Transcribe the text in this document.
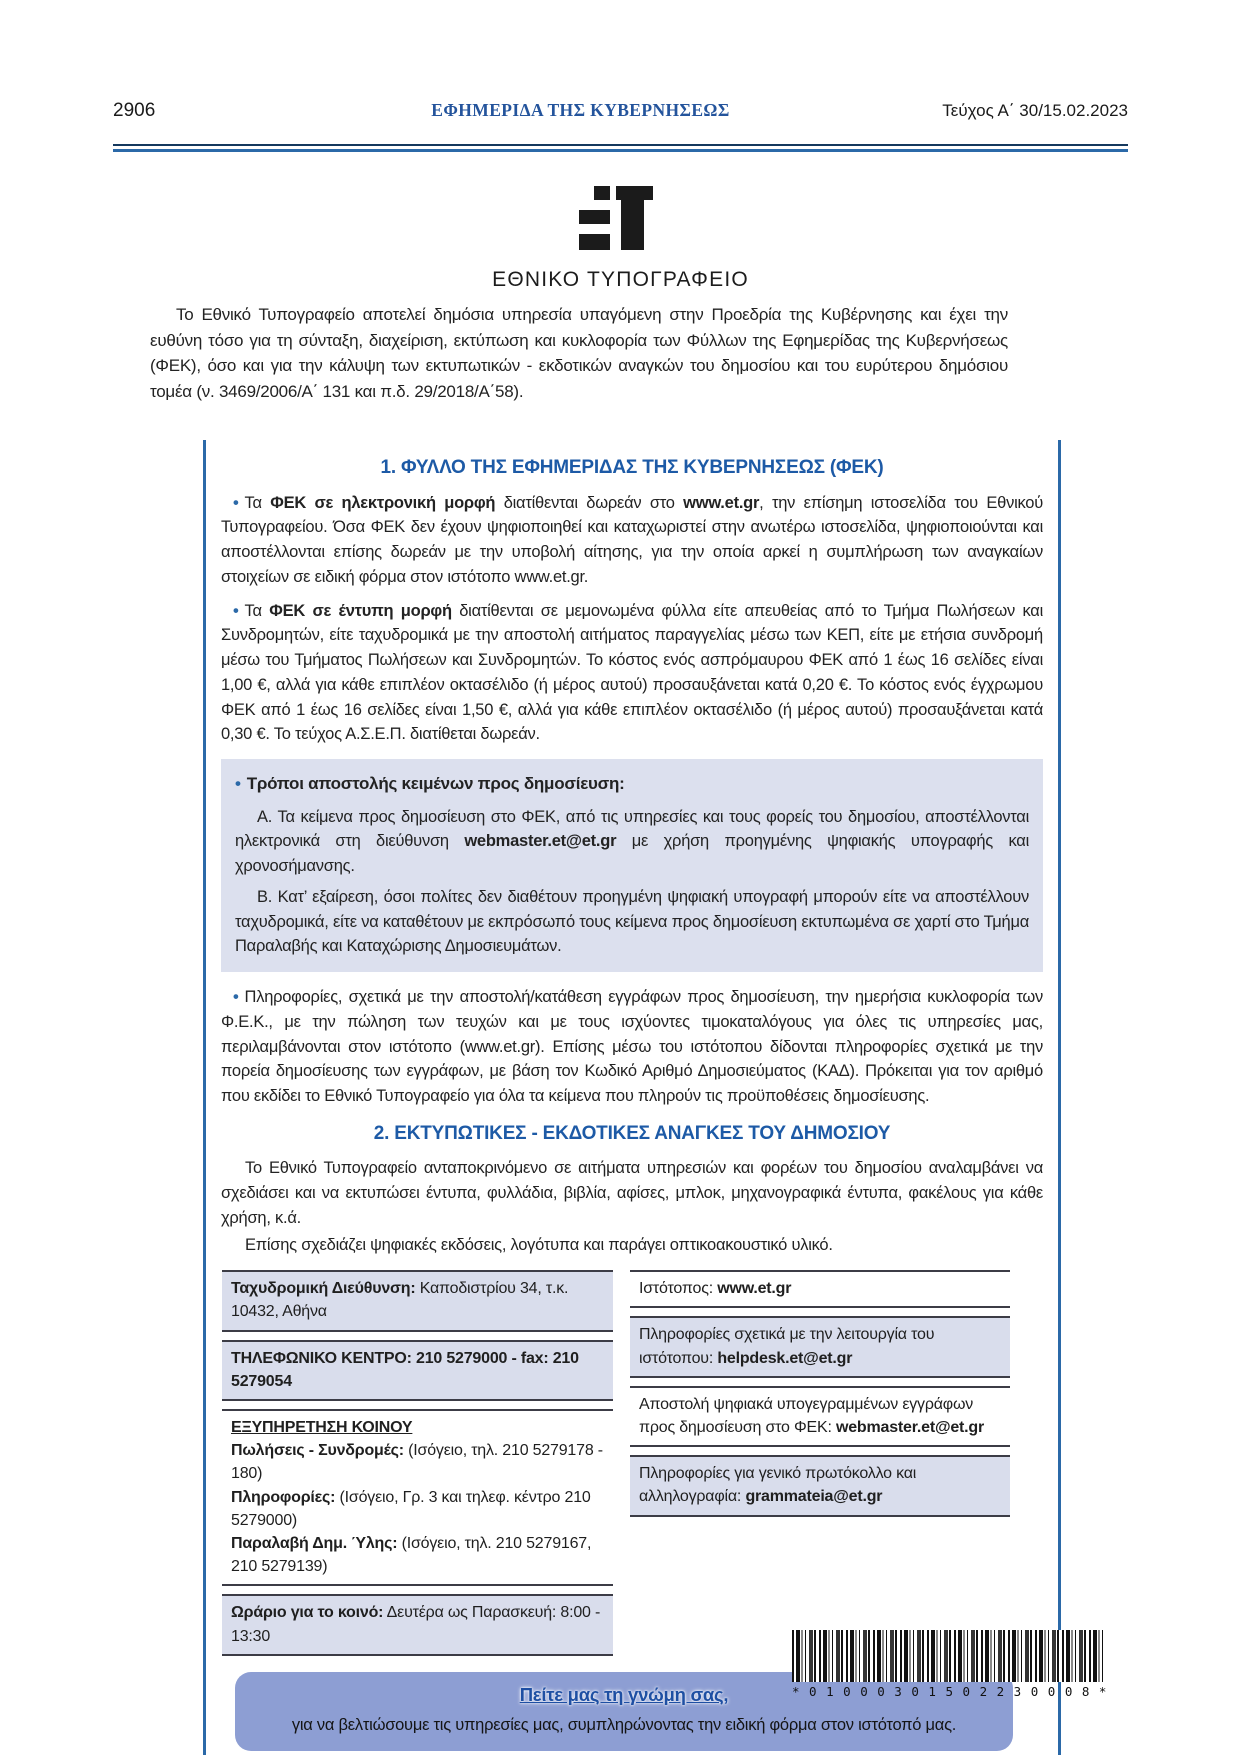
2906	ΕΦΗΜΕΡΙΔΑ ΤΗΣ ΚΥΒΕΡΝΗΣΕΩΣ	Τεύχος Α΄ 30/15.02.2023
ΕΘΝΙΚΟ ΤΥΠΟΓΡΑΦΕΙΟ

Το Εθνικό Τυπογραφείο αποτελεί δημόσια υπηρεσία υπαγόμενη στην Προεδρία της Κυβέρνησης και έχει την ευθύνη τόσο για τη σύνταξη, διαχείριση, εκτύπωση και κυκλοφορία των Φύλλων της Εφημερίδας της Κυβερνήσεως (ΦΕΚ), όσο και για την κάλυψη των εκτυπωτικών - εκδοτικών αναγκών του δημοσίου και του ευρύτερου δημόσιου τομέα (ν. 3469/2006/Α΄ 131 και π.δ. 29/2018/Α΄58).

1. ΦΥΛΛΟ ΤΗΣ ΕΦΗΜΕΡΙΔΑΣ ΤΗΣ ΚΥΒΕΡΝΗΣΕΩΣ (ΦΕΚ)

• Τα ΦΕΚ σε ηλεκτρονική μορφή διατίθενται δωρεάν στο www.et.gr, την επίσημη ιστοσελίδα του Εθνικού Τυπογραφείου. Όσα ΦΕΚ δεν έχουν ψηφιοποιηθεί και καταχωριστεί στην ανωτέρω ιστοσελίδα, ψηφιοποιούνται και αποστέλλονται επίσης δωρεάν με την υποβολή αίτησης, για την οποία αρκεί η συμπλήρωση των αναγκαίων στοιχείων σε ειδική φόρμα στον ιστότοπο www.et.gr.

• Τα ΦΕΚ σε έντυπη μορφή διατίθενται σε μεμονωμένα φύλλα είτε απευθείας από το Τμήμα Πωλήσεων και Συνδρομητών, είτε ταχυδρομικά με την αποστολή αιτήματος παραγγελίας μέσω των ΚΕΠ, είτε με ετήσια συνδρομή μέσω του Τμήματος Πωλήσεων και Συνδρομητών. Το κόστος ενός ασπρόμαυρου ΦΕΚ από 1 έως 16 σελίδες είναι 1,00 €, αλλά για κάθε επιπλέον οκτασέλιδο (ή μέρος αυτού) προσαυξάνεται κατά 0,20 €. Το κόστος ενός έγχρωμου ΦΕΚ από 1 έως 16 σελίδες είναι 1,50 €, αλλά για κάθε επιπλέον οκτασέλιδο (ή μέρος αυτού) προσαυξάνεται κατά 0,30 €. Το τεύχος Α.Σ.Ε.Π. διατίθεται δωρεάν.

• Τρόποι αποστολής κειμένων προς δημοσίευση:

Α. Τα κείμενα προς δημοσίευση στο ΦΕΚ, από τις υπηρεσίες και τους φορείς του δημοσίου, αποστέλλονται ηλεκτρονικά στη διεύθυνση webmaster.et@et.gr με χρήση προηγμένης ψηφιακής υπογραφής και χρονοσήμανσης.

Β. Κατ’ εξαίρεση, όσοι πολίτες δεν διαθέτουν προηγμένη ψηφιακή υπογραφή μπορούν είτε να αποστέλλουν ταχυδρομικά, είτε να καταθέτουν με εκπρόσωπό τους κείμενα προς δημοσίευση εκτυπωμένα σε χαρτί στο Τμήμα Παραλαβής και Καταχώρισης Δημοσιευμάτων.

• Πληροφορίες, σχετικά με την αποστολή/κατάθεση εγγράφων προς δημοσίευση, την ημερήσια κυκλοφορία των Φ.Ε.Κ., με την πώληση των τευχών και με τους ισχύοντες τιμοκαταλόγους για όλες τις υπηρεσίες μας, περιλαμβάνονται στον ιστότοπο (www.et.gr). Επίσης μέσω του ιστότοπου δίδονται πληροφορίες σχετικά με την πορεία δημοσίευσης των εγγράφων, με βάση τον Κωδικό Αριθμό Δημοσιεύματος (ΚΑΔ). Πρόκειται για τον αριθμό που εκδίδει το Εθνικό Τυπογραφείο για όλα τα κείμενα που πληρούν τις προϋποθέσεις δημοσίευσης.

2. ΕΚΤΥΠΩΤΙΚΕΣ - ΕΚΔΟΤΙΚΕΣ ΑΝΑΓΚΕΣ ΤΟΥ ΔΗΜΟΣΙΟΥ

Το Εθνικό Τυπογραφείο ανταποκρινόμενο σε αιτήματα υπηρεσιών και φορέων του δημοσίου αναλαμβάνει να σχεδιάσει και να εκτυπώσει έντυπα, φυλλάδια, βιβλία, αφίσες, μπλοκ, μηχανογραφικά έντυπα, φακέλους για κάθε χρήση, κ.ά.

Επίσης σχεδιάζει ψηφιακές εκδόσεις, λογότυπα και παράγει οπτικοακουστικό υλικό.

Ταχυδρομική Διεύθυνση: Καποδιστρίου 34, τ.κ. 10432, Αθήνα
ΤΗΛΕΦΩΝΙΚΟ ΚΕΝΤΡΟ: 210 5279000 - fax: 210 5279054
ΕΞΥΠΗΡΕΤΗΣΗ ΚΟΙΝΟΥ
Πωλήσεις - Συνδρομές: (Ισόγειο, τηλ. 210 5279178 - 180)
Πληροφορίες: (Ισόγειο, Γρ. 3 και τηλεφ. κέντρο 210 5279000)
Παραλαβή Δημ. Ύλης: (Ισόγειο, τηλ. 210 5279167, 210 5279139)
Ωράριο για το κοινό: Δευτέρα ως Παρασκευή: 8:00 - 13:30
Ιστότοπος: www.et.gr
Πληροφορίες σχετικά με την λειτουργία του ιστότοπου: helpdesk.et@et.gr
Αποστολή ψηφιακά υπογεγραμμένων εγγράφων προς δημοσίευση στο ΦΕΚ: webmaster.et@et.gr
Πληροφορίες για γενικό πρωτόκολλο και αλληλογραφία: grammateia@et.gr
Πείτε μας τη γνώμη σας,
για να βελτιώσουμε τις υπηρεσίες μας, συμπληρώνοντας την ειδική φόρμα στον ιστότοπό μας.
* 0 1 0 0 0 3 0 1 5 0 2 2 3 0 0 0 8 *
